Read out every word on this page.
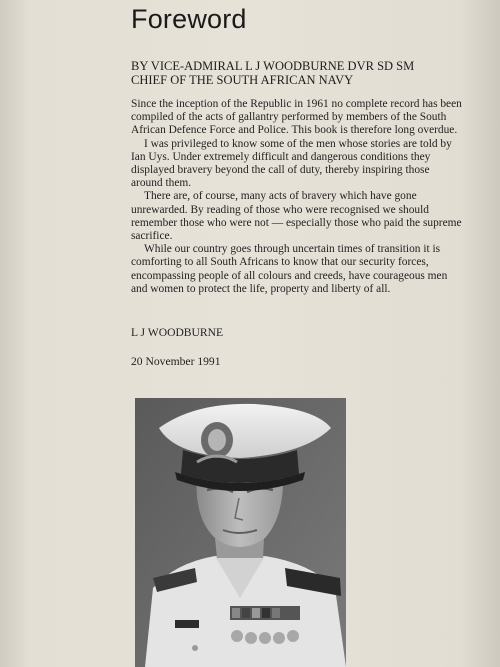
Foreword
BY VICE-ADMIRAL L J WOODBURNE DVR SD SM
CHIEF OF THE SOUTH AFRICAN NAVY

Since the inception of the Republic in 1961 no complete record has been compiled of the acts of gallantry performed by members of the South African Defence Force and Police. This book is therefore long overdue.

I was privileged to know some of the men whose stories are told by Ian Uys. Under extremely difficult and dangerous conditions they displayed bravery beyond the call of duty, thereby inspiring those around them.

There are, of course, many acts of bravery which have gone unrewarded. By reading of those who were recognised we should remember those who were not — especially those who paid the supreme sacrifice.

While our country goes through uncertain times of transition it is comforting to all South Africans to know that our security forces, encompassing people of all colours and creeds, have courageous men and women to protect the life, property and liberty of all.

L J WOODBURNE

20 November 1991
